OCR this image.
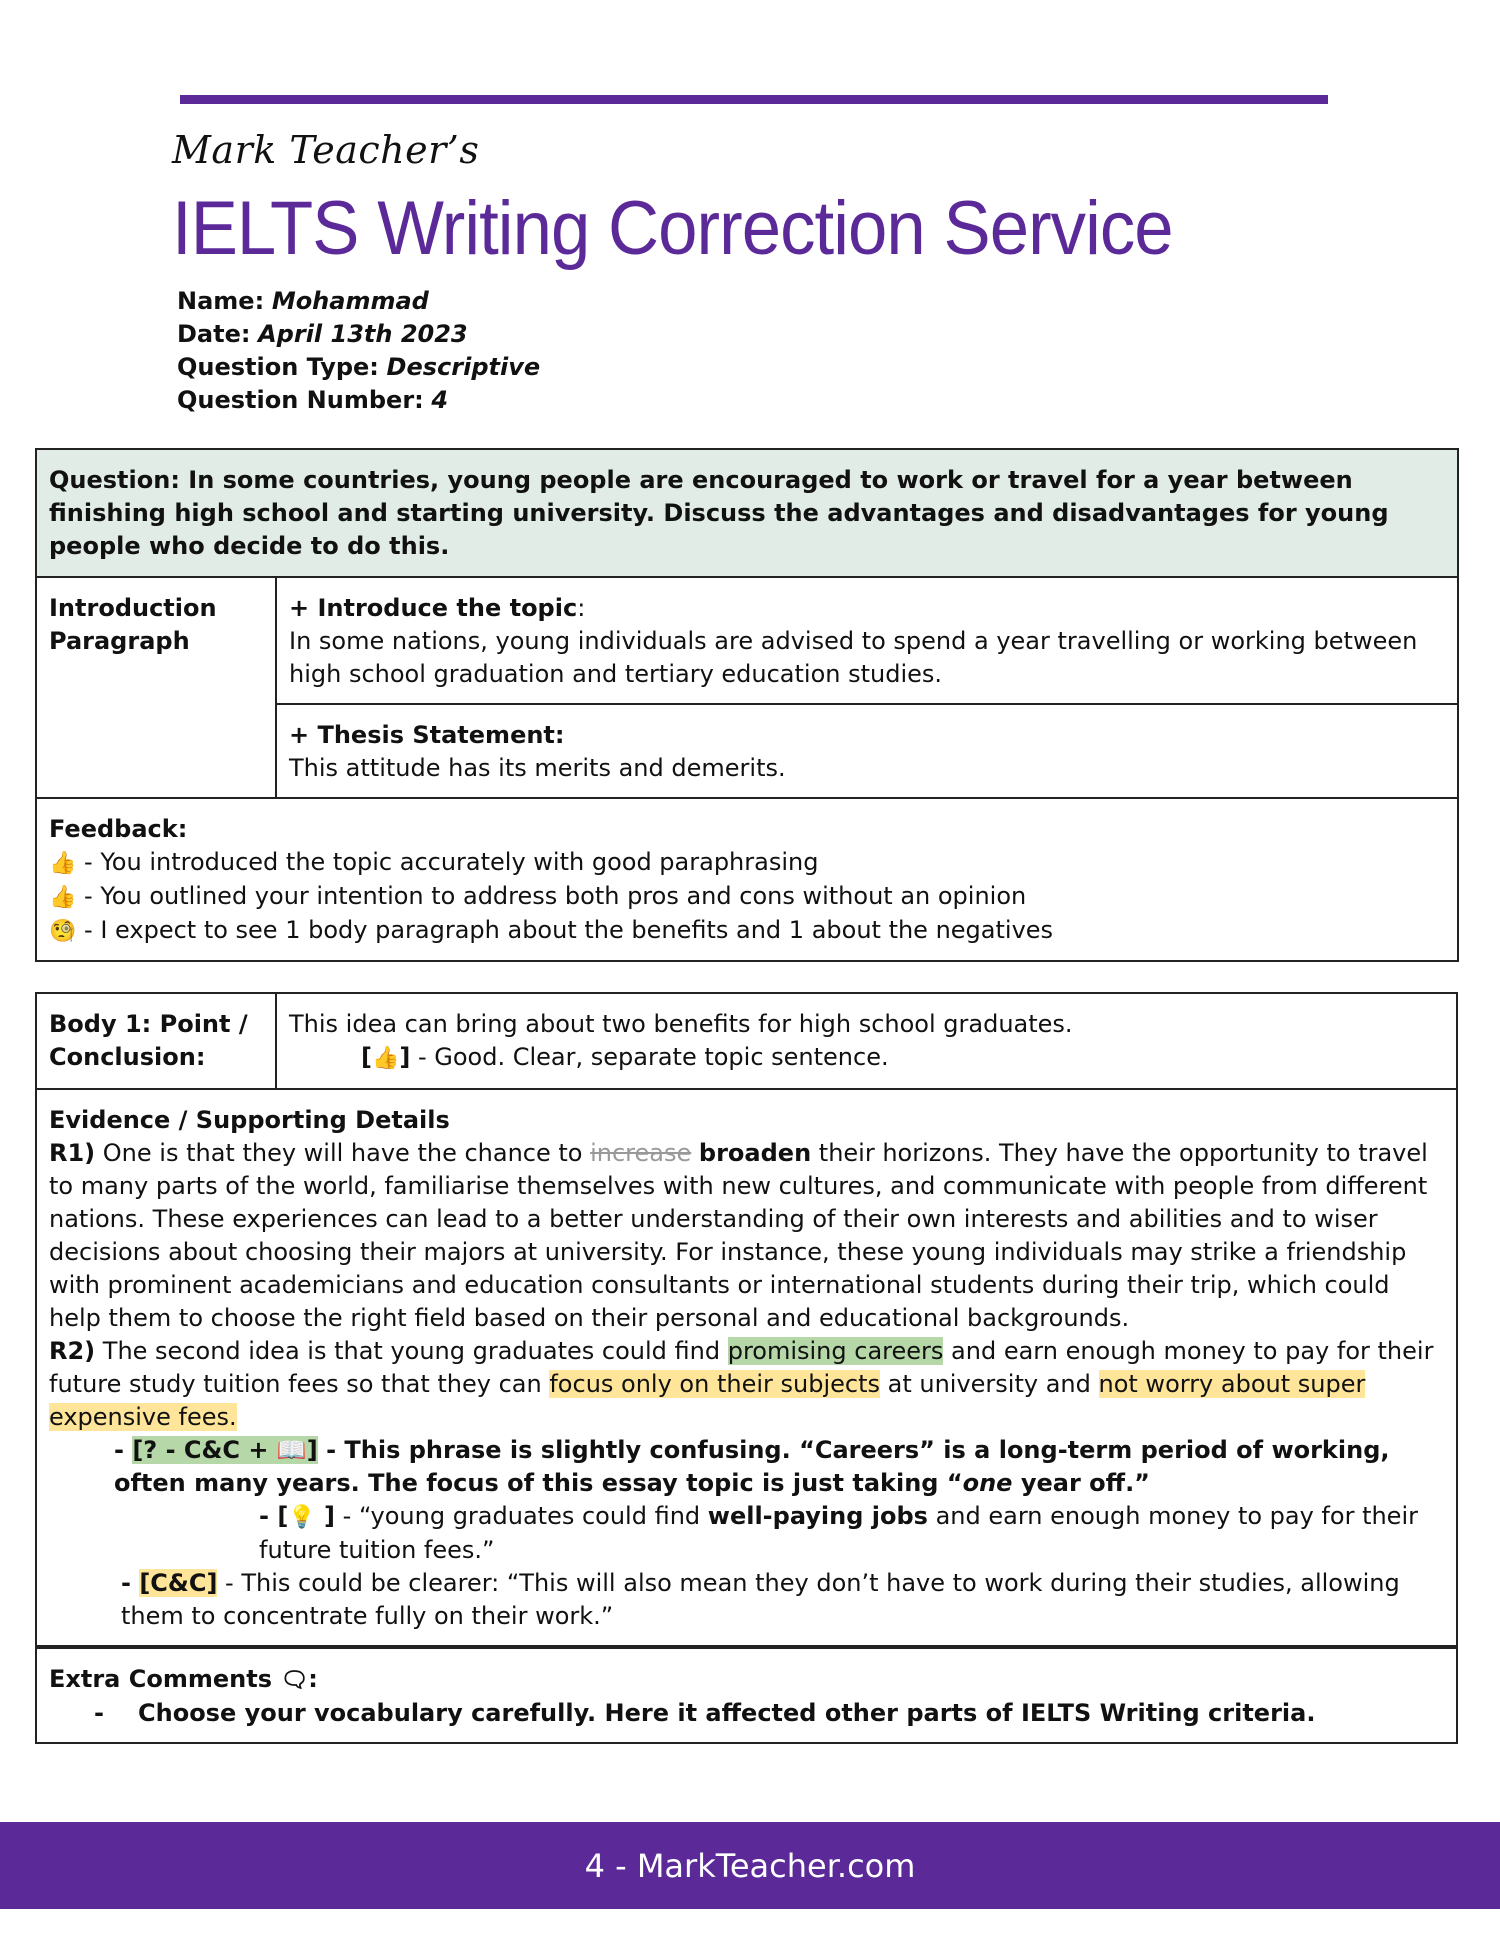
Mark Teacher’s
IELTS Writing Correction Service
Name: Mohammad
Date: April 13th 2023
Question Type: Descriptive
Question Number: 4
Question: In some countries, young people are encouraged to work or travel for a year between finishing high school and starting university. Discuss the advantages and disadvantages for young people who decide to do this.
Introduction Paragraph
+ Introduce the topic:
In some nations, young individuals are advised to spend a year travelling or working between high school graduation and tertiary education studies.
+ Thesis Statement:
This attitude has its merits and demerits.
Feedback:
👍 - You introduced the topic accurately with good paraphrasing
👍 - You outlined your intention to address both pros and cons without an opinion
🧐 - I expect to see 1 body paragraph about the benefits and 1 about the negatives
Body 1: Point / Conclusion:
This idea can bring about two benefits for high school graduates.
[👍] - Good. Clear, separate topic sentence.
Evidence / Supporting Details
R1) One is that they will have the chance to increase broaden their horizons. They have the opportunity to travel to many parts of the world, familiarise themselves with new cultures, and communicate with people from different nations. These experiences can lead to a better understanding of their own interests and abilities and to wiser decisions about choosing their majors at university. For instance, these young individuals may strike a friendship with prominent academicians and education consultants or international students during their trip, which could help them to choose the right field based on their personal and educational backgrounds.
R2) The second idea is that young graduates could find promising careers and earn enough money to pay for their future study tuition fees so that they can focus only on their subjects at university and not worry about super expensive fees.
- [? - C&C + 📖] - This phrase is slightly confusing. “Careers” is a long-term period of working, often many years. The focus of this essay topic is just taking “one year off.”
- [💡 ] - “young graduates could find well-paying jobs and earn enough money to pay for their future tuition fees.”
- [C&C] - This could be clearer: “This will also mean they don’t have to work during their studies, allowing them to concentrate fully on their work.”
Extra Comments 🗨:
-	Choose your vocabulary carefully. Here it affected other parts of IELTS Writing criteria.
4 - MarkTeacher.com
